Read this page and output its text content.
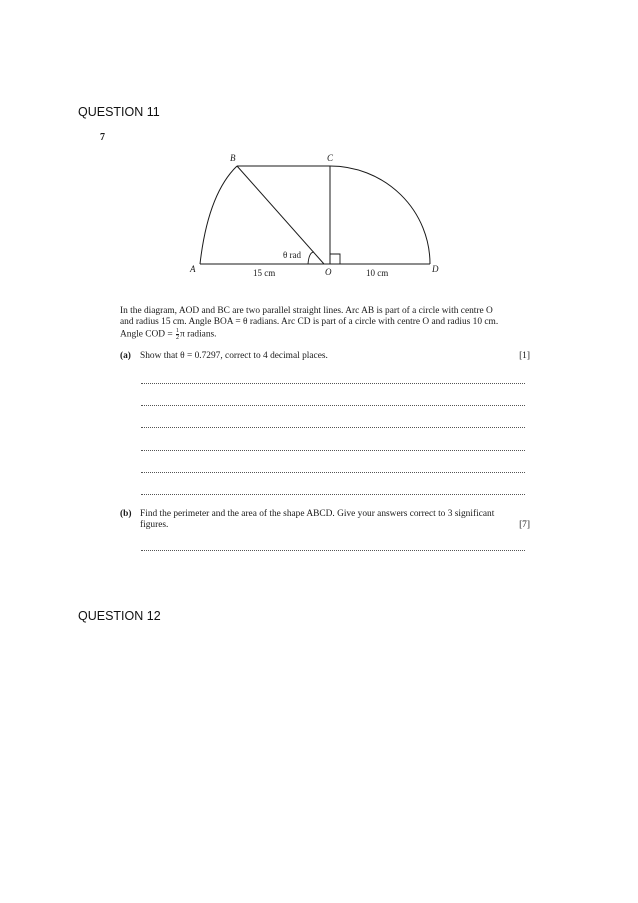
QUESTION 11
7
B	C
A	O	D
θ rad
15 cm	10 cm
In the diagram, AOD and BC are two parallel straight lines. Arc AB is part of a circle with centre O
and radius 15 cm. Angle BOA = θ radians. Arc CD is part of a circle with centre O and radius 10 cm.
Angle COD = $\frac{1}{2}$ π radians.
(a) Show that θ = 0.7297, correct to 4 decimal places.	[1]
(b) Find the perimeter and the area of the shape ABCD. Give your answers correct to 3 significant
figures.	[7]
QUESTION 12
